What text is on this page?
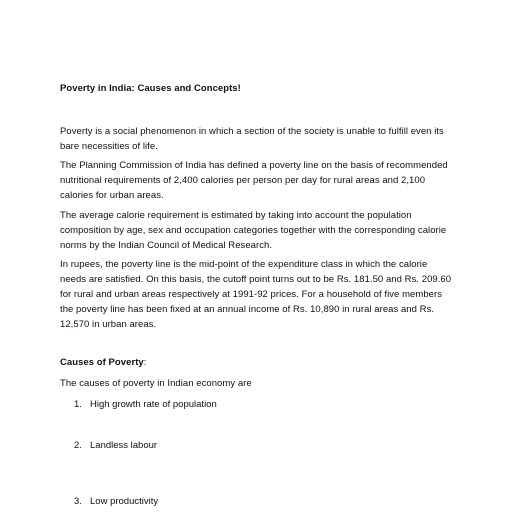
Poverty in India: Causes and Concepts!
Poverty is a social phenomenon in which a section of the society is unable to fulfill even its
bare necessities of life.
The Planning Commission of India has defined a poverty line on the basis of recommended
nutritional requirements of 2,400 calories per person per day for rural areas and 2,100
calories for urban areas.
The average calorie requirement is estimated by taking into account the population
composition by age, sex and occupation categories together with the corresponding calorie
norms by the Indian Council of Medical Research.
In rupees, the poverty line is the mid-point of the expenditure class in which the calorie
needs are satisfied. On this basis, the cutoff point turns out to be Rs. 181.50 and Rs. 209.60
for rural and urban areas respectively at 1991-92 prices. For a household of five members
the poverty line has been fixed at an annual income of Rs. 10,890 in rural areas and Rs.
12,570 in urban areas.
Causes of Poverty:
The causes of poverty in Indian economy are
1. High growth rate of population
2. Landless labour
3. Low productivity
